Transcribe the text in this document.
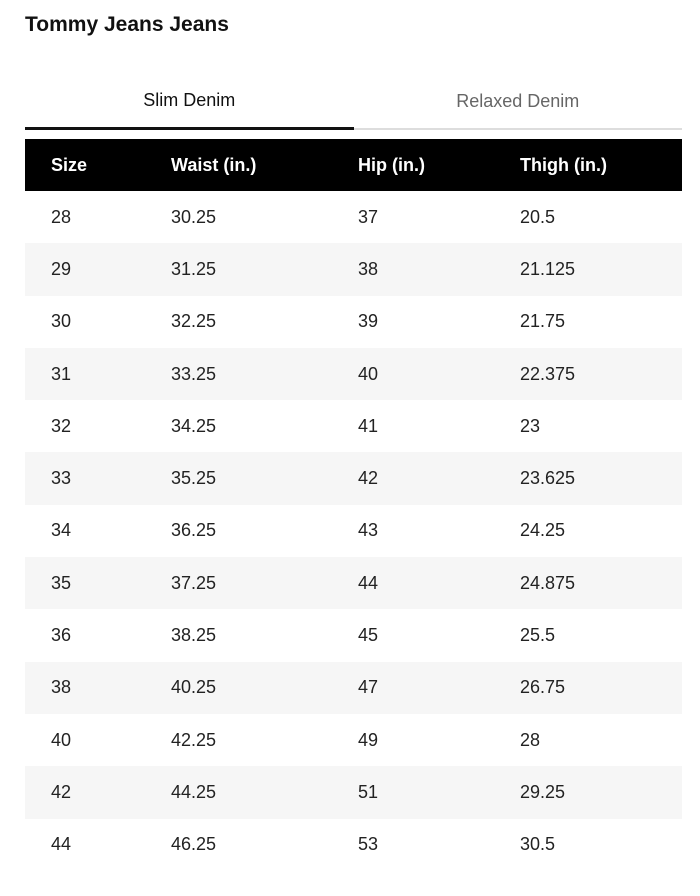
Tommy Jeans Jeans
Slim Denim	Relaxed Denim
Size	Waist (in.)	Hip (in.)	Thigh (in.)
28	30.25	37	20.5
29	31.25	38	21.125
30	32.25	39	21.75
31	33.25	40	22.375
32	34.25	41	23
33	35.25	42	23.625
34	36.25	43	24.25
35	37.25	44	24.875
36	38.25	45	25.5
38	40.25	47	26.75
40	42.25	49	28
42	44.25	51	29.25
44	46.25	53	30.5
